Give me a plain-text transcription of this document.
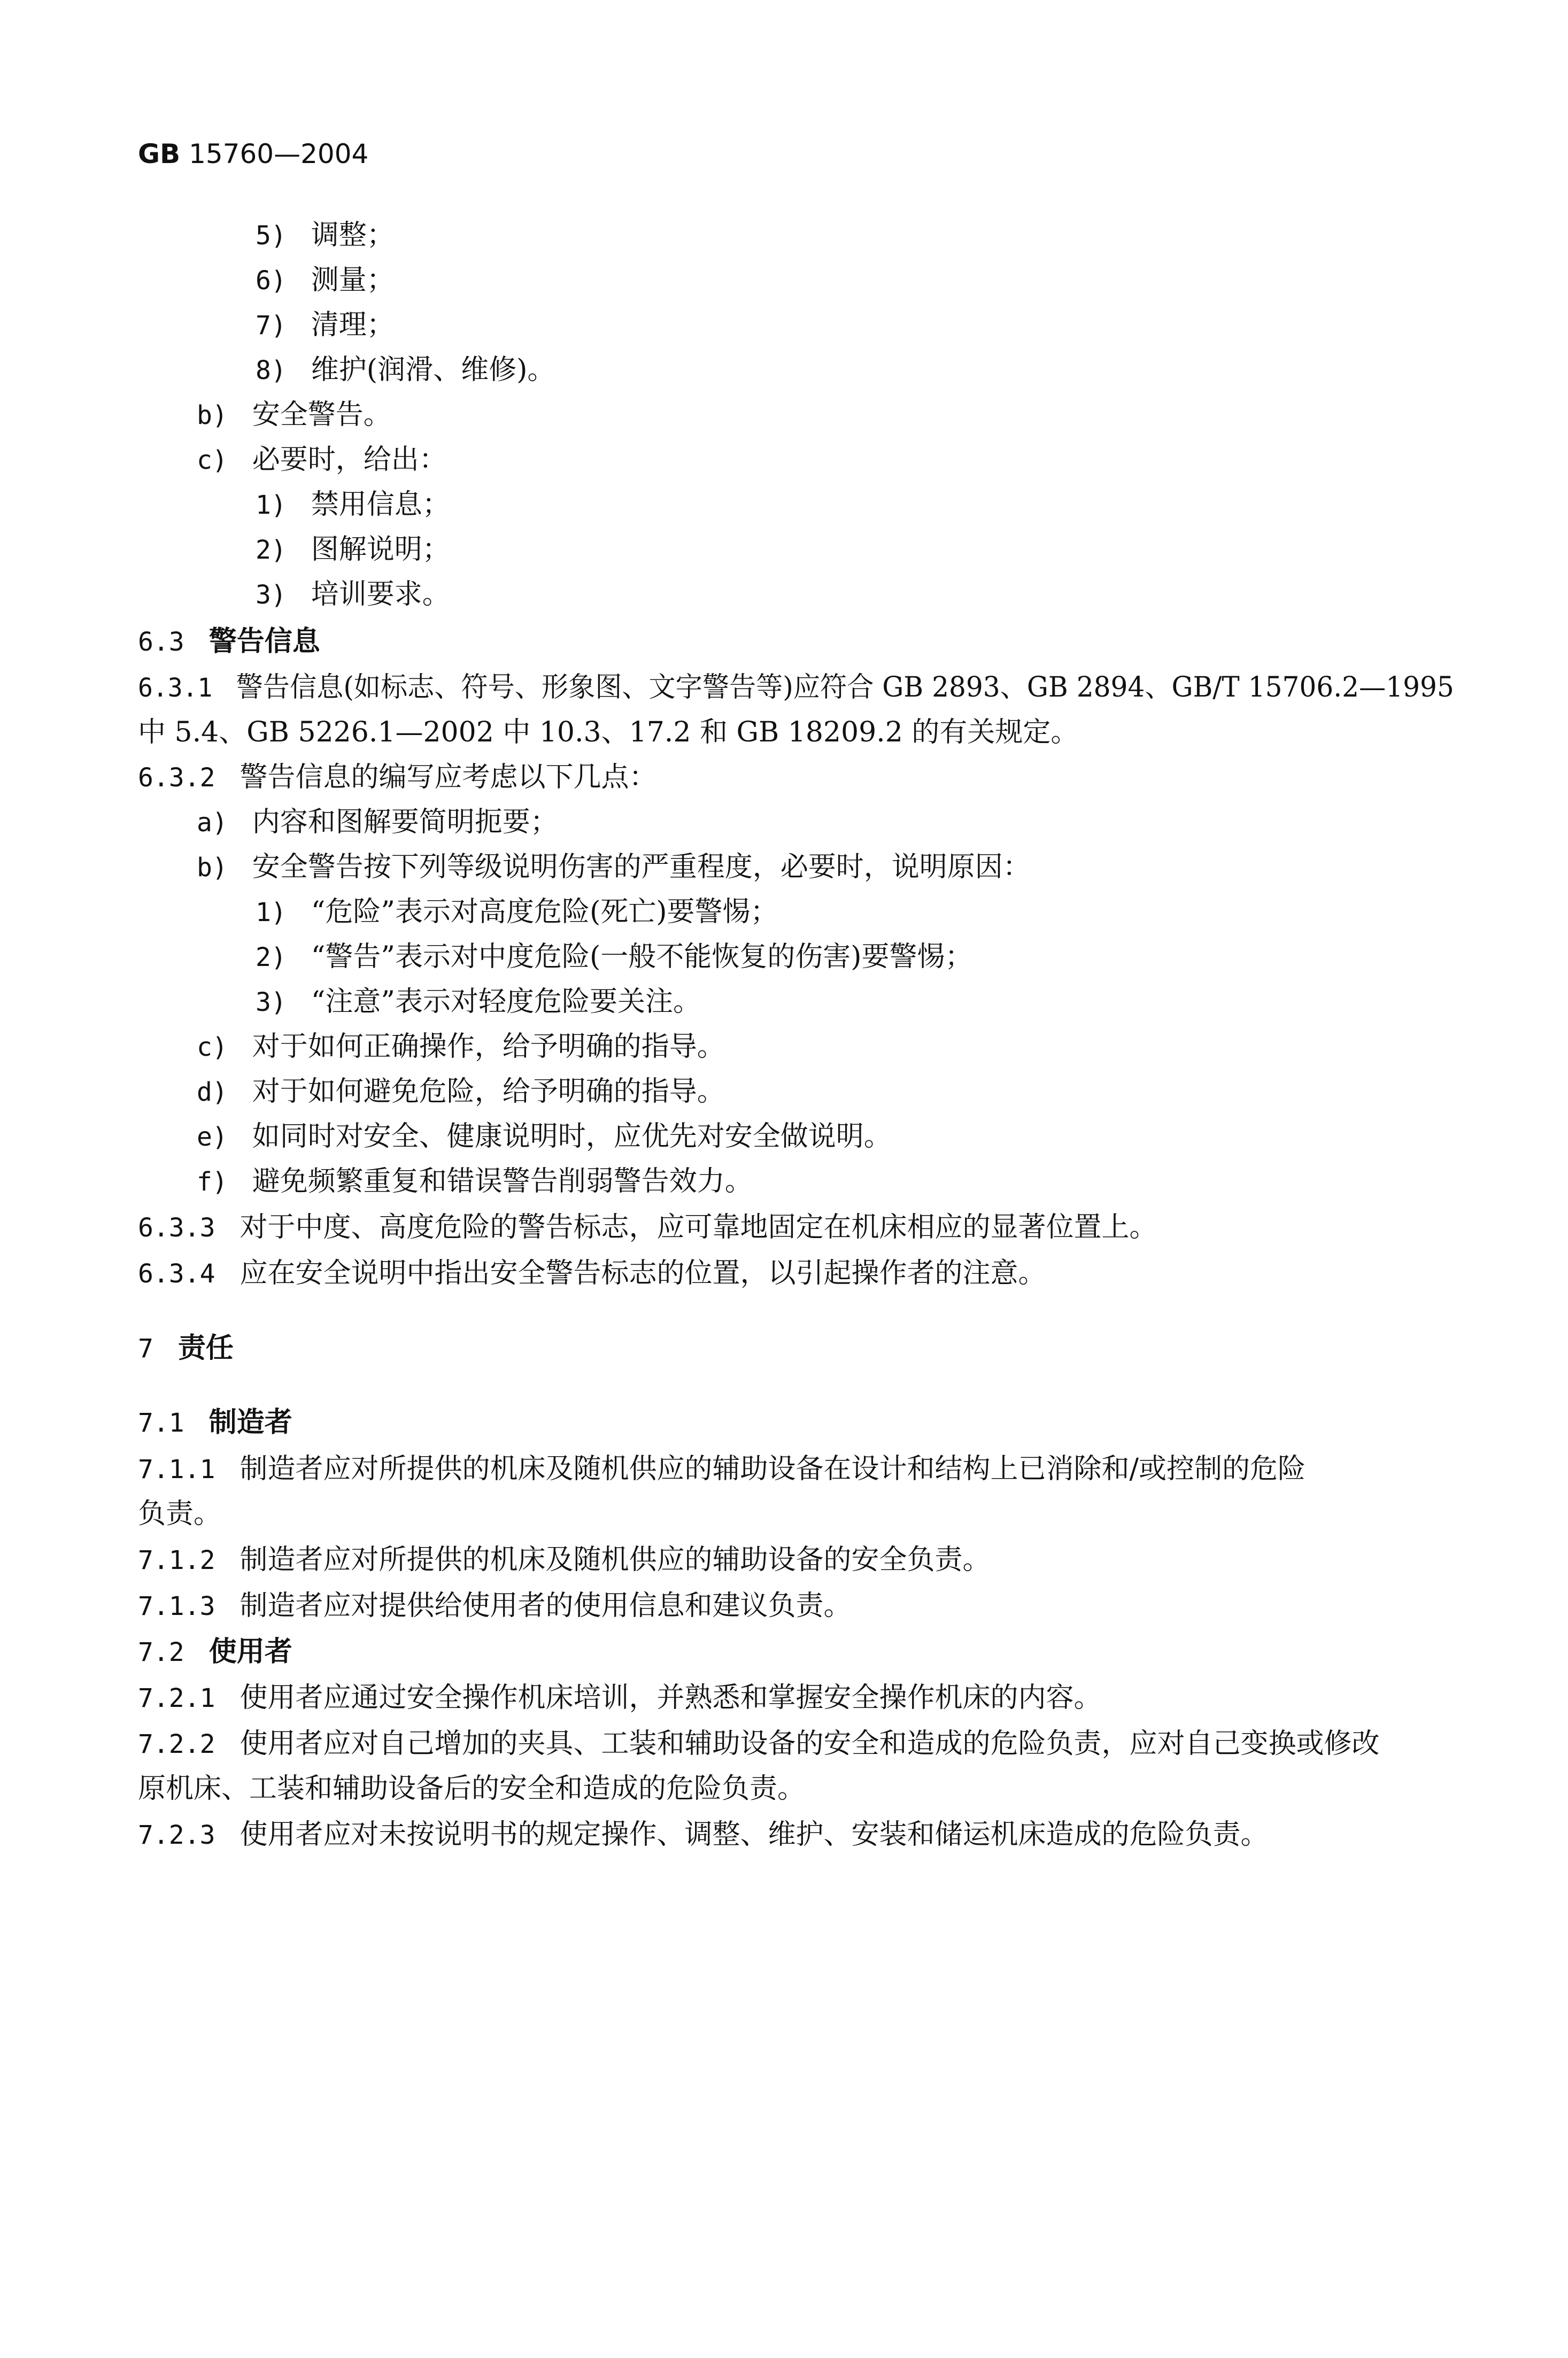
GB 15760—2004
5) 调整；
6) 测量；
7) 清理；
8) 维护(润滑、维修)。
b) 安全警告。
c) 必要时，给出：
1) 禁用信息；
2) 图解说明；
3) 培训要求。
6.3 警告信息
6.3.1 警告信息(如标志、符号、形象图、文字警告等)应符合 GB 2893、GB 2894、GB/T 15706.2—1995
中 5.4、GB 5226.1—2002 中 10.3、17.2 和 GB 18209.2 的有关规定。
6.3.2 警告信息的编写应考虑以下几点：
a) 内容和图解要简明扼要；
b) 安全警告按下列等级说明伤害的严重程度，必要时，说明原因：
1) “危险”表示对高度危险(死亡)要警惕；
2) “警告”表示对中度危险(一般不能恢复的伤害)要警惕；
3) “注意”表示对轻度危险要关注。
c) 对于如何正确操作，给予明确的指导。
d) 对于如何避免危险，给予明确的指导。
e) 如同时对安全、健康说明时，应优先对安全做说明。
f) 避免频繁重复和错误警告削弱警告效力。
6.3.3 对于中度、高度危险的警告标志，应可靠地固定在机床相应的显著位置上。
6.3.4 应在安全说明中指出安全警告标志的位置，以引起操作者的注意。
7 责任
7.1 制造者
7.1.1 制造者应对所提供的机床及随机供应的辅助设备在设计和结构上已消除和/或控制的危险
负责。
7.1.2 制造者应对所提供的机床及随机供应的辅助设备的安全负责。
7.1.3 制造者应对提供给使用者的使用信息和建议负责。
7.2 使用者
7.2.1 使用者应通过安全操作机床培训，并熟悉和掌握安全操作机床的内容。
7.2.2 使用者应对自己增加的夹具、工装和辅助设备的安全和造成的危险负责，应对自己变换或修改
原机床、工装和辅助设备后的安全和造成的危险负责。
7.2.3 使用者应对未按说明书的规定操作、调整、维护、安装和储运机床造成的危险负责。
